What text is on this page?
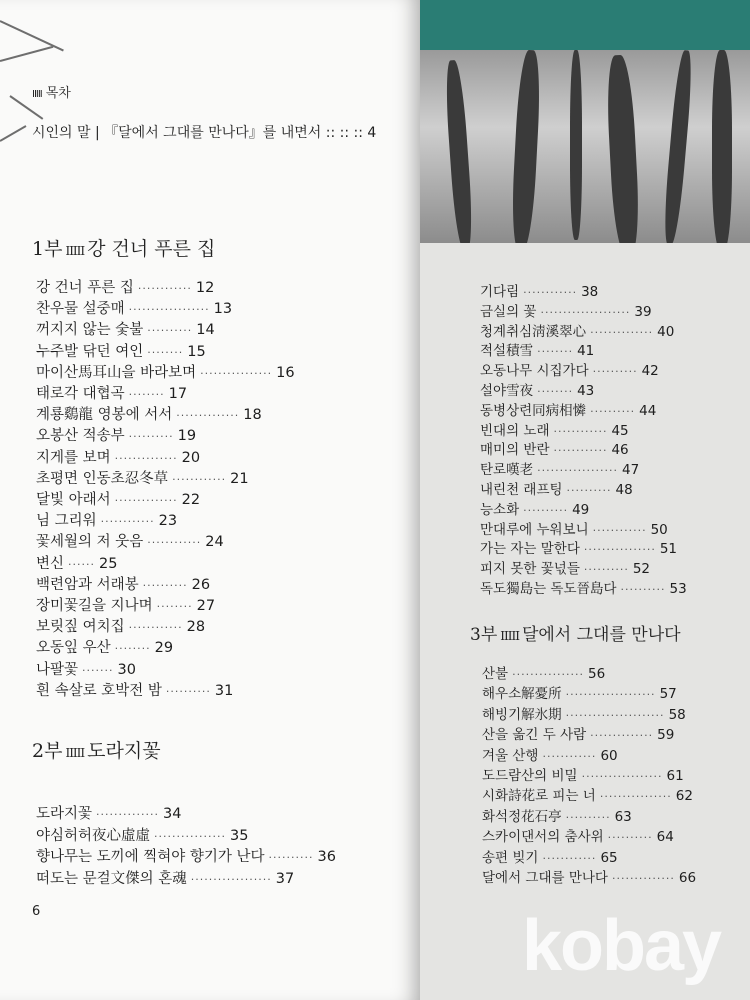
IIIII 목차
시인의 말 | 『달에서 그대를 만나다』를 내면서 :: :: :: 4
1부 IIIII 강 건너 푸른 집
강 건너 푸른 집 ············ 12
찬우물 설중매 ·················· 13
꺼지지 않는 숯불 ·········· 14
누주발 닦던 여인 ········ 15
마이산馬耳山을 바라보며 ················ 16
태로각 대협곡 ········ 17
계룡鷄龍 영봉에 서서 ·············· 18
오봉산 적송부 ·········· 19
지게를 보며 ·············· 20
초평면 인동초忍冬草 ············ 21
달빛 아래서 ·············· 22
님 그리워 ············ 23
꽃세월의 저 웃음 ············ 24
변신 ······ 25
백련암과 서래봉 ·········· 26
장미꽃길을 지나며 ········ 27
보릿짚 여치집 ············ 28
오동잎 우산 ········ 29
나팔꽃 ······· 30
흰 속살로 호박전 밤 ·········· 31
2부 IIIII 도라지꽃
도라지꽃 ·············· 34
야심허허夜心虛虛 ················ 35
향나무는 도끼에 찍혀야 향기가 난다 ·········· 36
떠도는 문걸文傑의 혼魂 ·················· 37
6
기다림 ············ 38
금실의 꽃 ···················· 39
청계취심淸溪翠心 ·············· 40
적설積雪 ········ 41
오동나무 시집가다 ·········· 42
설야雪夜 ········ 43
동병상련同病相憐 ·········· 44
빈대의 노래 ············ 45
매미의 반란 ············ 46
탄로嘆老 ·················· 47
내린천 래프팅 ·········· 48
능소화 ·········· 49
만대루에 누워보니 ············ 50
가는 자는 말한다 ················ 51
피지 못한 꽃넋들 ·········· 52
독도獨島는 독도晉島다 ·········· 53
3부 IIIII 달에서 그대를 만나다
산불 ················ 56
해우소解憂所 ···················· 57
해빙기解氷期 ······················ 58
산을 옮긴 두 사람 ·············· 59
겨울 산행 ············ 60
도드람산의 비밀 ·················· 61
시화詩花로 피는 너 ················ 62
화석정花石亭 ·········· 63
스카이댄서의 춤사위 ·········· 64
송편 빚기 ············ 65
달에서 그대를 만나다 ·············· 66
kobay
